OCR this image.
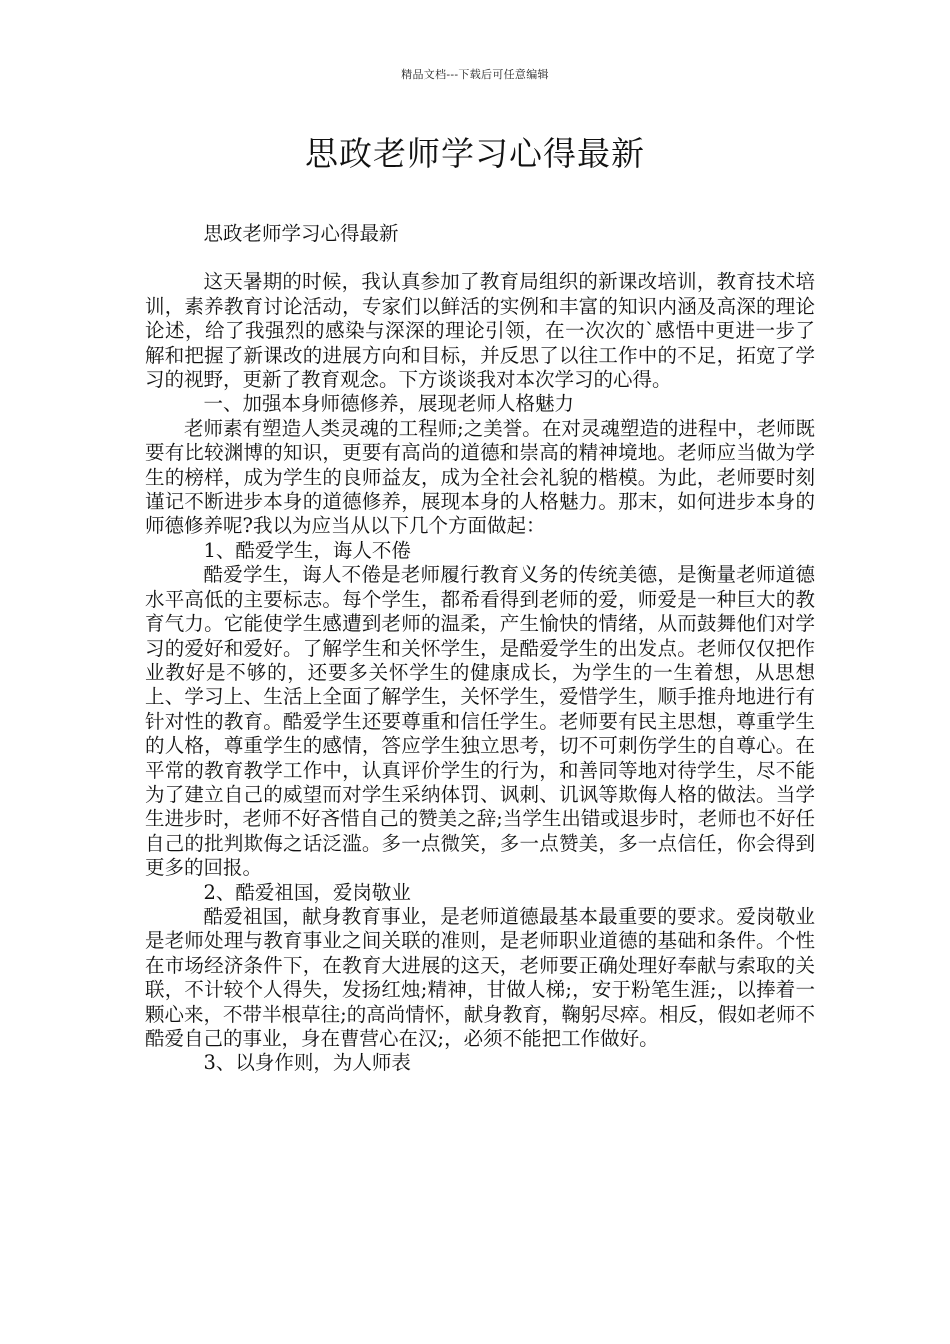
精品文档---下载后可任意编辑
思政老师学习心得最新

思政老师学习心得最新

这天暑期的时候，我认真参加了教育局组织的新课改培训，教育技术培训，素养教育讨论活动，专家们以鲜活的实例和丰富的知识内涵及高深的理论论述，给了我强烈的感染与深深的理论引领，在一次次的`感悟中更进一步了解和把握了新课改的进展方向和目标，并反思了以往工作中的不足，拓宽了学习的视野，更新了教育观念。下方谈谈我对本次学习的心得。

一、加强本身师德修养，展现老师人格魅力

老师素有塑造人类灵魂的工程师;之美誉。在对灵魂塑造的进程中，老师既要有比较渊博的知识，更要有高尚的道德和崇高的精神境地。老师应当做为学生的榜样，成为学生的良师益友，成为全社会礼貌的楷模。为此，老师要时刻谨记不断进步本身的道德修养，展现本身的人格魅力。那末，如何进步本身的师德修养呢?我以为应当从以下几个方面做起：

1、酷爱学生，诲人不倦

酷爱学生，诲人不倦是老师履行教育义务的传统美德，是衡量老师道德水平高低的主要标志。每个学生，都希看得到老师的爱，师爱是一种巨大的教育气力。它能使学生感遭到老师的温柔，产生愉快的情绪，从而鼓舞他们对学习的爱好和爱好。了解学生和关怀学生，是酷爱学生的出发点。老师仅仅把作业教好是不够的，还要多关怀学生的健康成长，为学生的一生着想，从思想上、学习上、生活上全面了解学生，关怀学生，爱惜学生，顺手推舟地进行有针对性的教育。酷爱学生还要尊重和信任学生。老师要有民主思想，尊重学生的人格，尊重学生的感情，答应学生独立思考，切不可刺伤学生的自尊心。在平常的教育教学工作中，认真评价学生的行为，和善同等地对待学生，尽不能为了建立自己的威望而对学生采纳体罚、讽刺、讥讽等欺侮人格的做法。当学生进步时，老师不好吝惜自己的赞美之辞;当学生出错或退步时，老师也不好任自己的批判欺侮之话泛滥。多一点微笑，多一点赞美，多一点信任，你会得到更多的回报。

2、酷爱祖国，爱岗敬业

酷爱祖国，献身教育事业，是老师道德最基本最重要的要求。爱岗敬业是老师处理与教育事业之间关联的准则，是老师职业道德的基础和条件。个性在市场经济条件下，在教育大进展的这天，老师要正确处理好奉献与索取的关联，不计较个人得失，发扬红烛;精神，甘做人梯;，安于粉笔生涯;，以捧着一颗心来，不带半根草往;的高尚情怀，献身教育，鞠躬尽瘁。相反，假如老师不酷爱自己的事业，身在曹营心在汉;，必须不能把工作做好。

3、以身作则，为人师表
